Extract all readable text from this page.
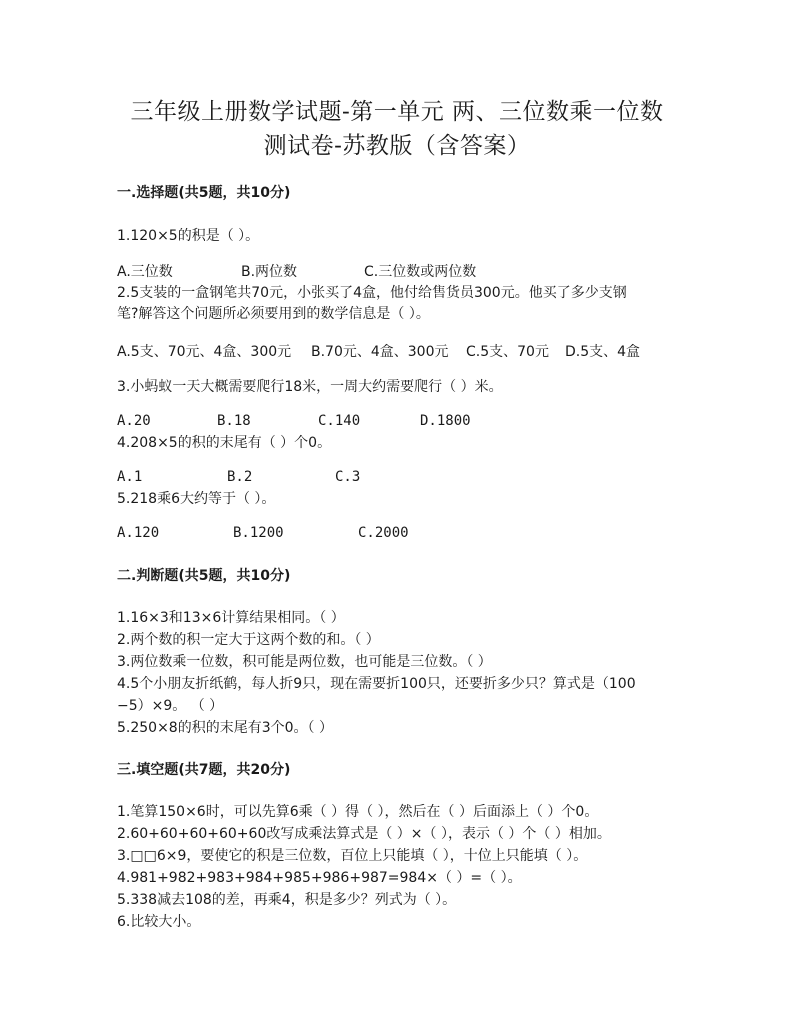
三年级上册数学试题-第一单元 两、三位数乘一位数
测试卷-苏教版（含答案）
一.选择题(共5题，共10分)
1.120×5的积是（ ）。
A.三位数	B.两位数	C.三位数或两位数
2.5支装的一盒钢笔共70元，小张买了4盒，他付给售货员300元。他买了多少支钢
笔?解答这个问题所必须要用到的数学信息是（ ）。
A.5支、70元、4盒、300元 B.70元、4盒、300元 C.5支、70元 D.5支、4盒
3.小蚂蚁一天大概需要爬行18米，一周大约需要爬行（ ）米。
A.20	B.18	C.140	D.1800
4.208×5的积的末尾有（ ）个0。
A.1	B.2	C.3
5.218乘6大约等于（ ）。
A.120	B.1200	C.2000
二.判断题(共5题，共10分)
1.16×3和13×6计算结果相同。（ ）
2.两个数的积一定大于这两个数的和。（ ）
3.两位数乘一位数，积可能是两位数，也可能是三位数。（ ）
4.5个小朋友折纸鹤，每人折9只，现在需要折100只，还要折多少只？算式是（100
−5）×9。 （ ）
5.250×8的积的末尾有3个0。（ ）
三.填空题(共7题，共20分)
1.笔算150×6时，可以先算6乘（ ）得（ ），然后在（ ）后面添上（ ）个0。
2.60+60+60+60+60改写成乘法算式是（ ）×（ ），表示（ ）个（ ）相加。
3.□□6×9，要使它的积是三位数，百位上只能填（ ），十位上只能填（ ）。
4.981+982+983+984+985+986+987=984×（ ）=（ ）。
5.338减去108的差，再乘4，积是多少？列式为（ ）。
6.比较大小。
